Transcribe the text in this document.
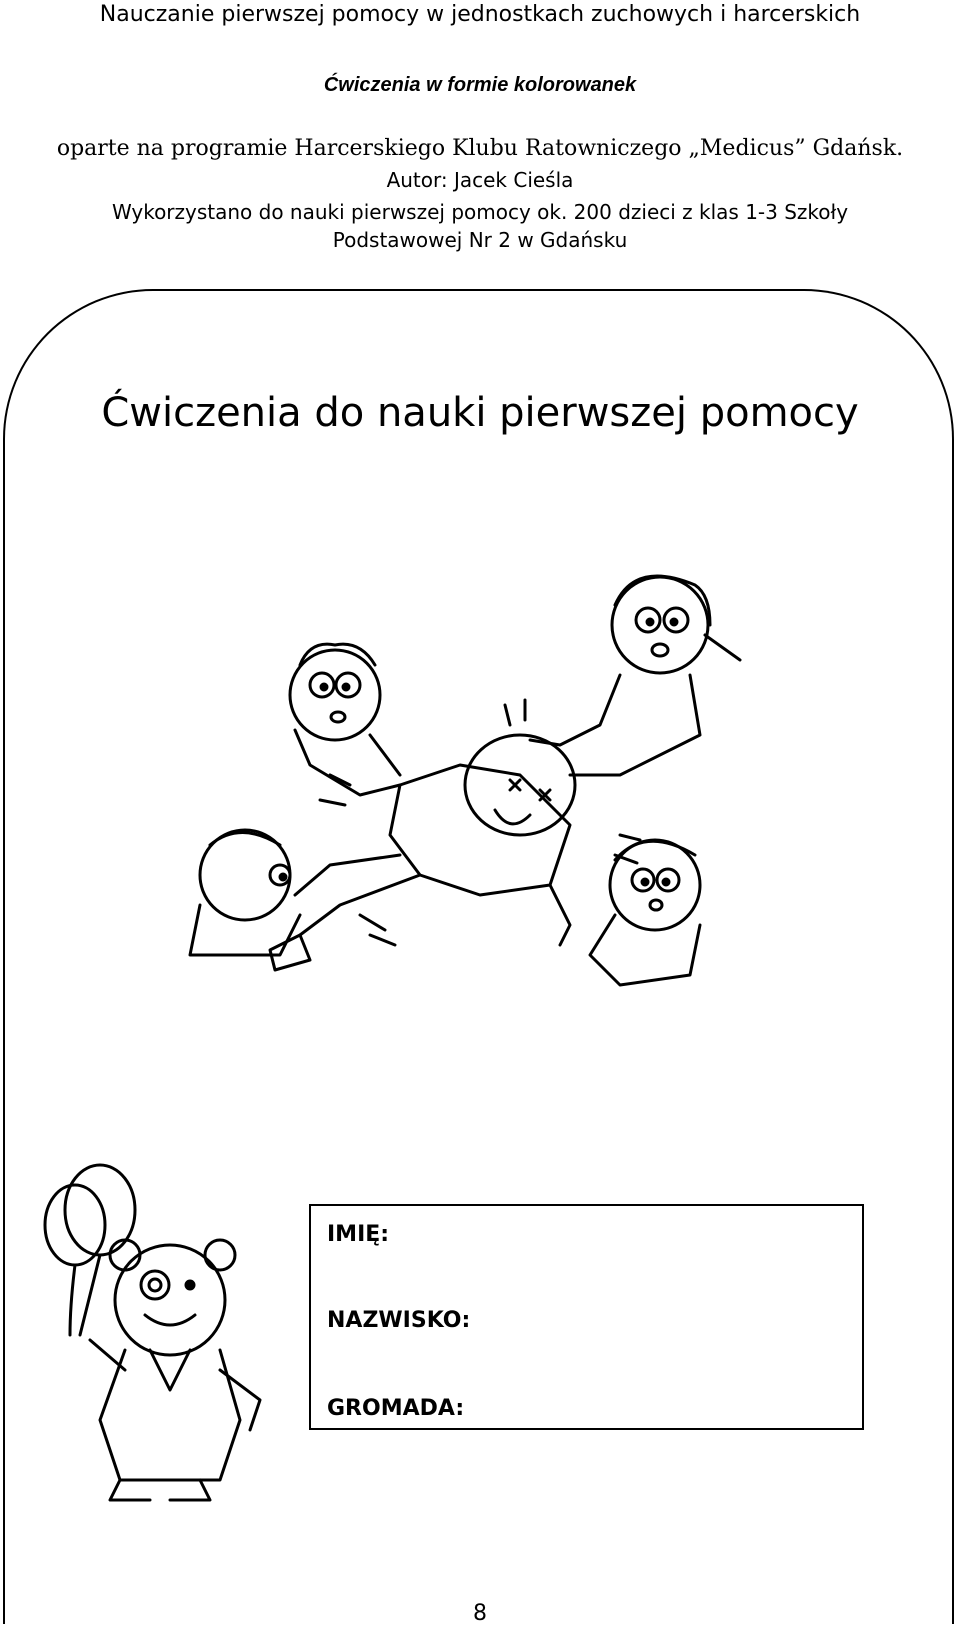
Nauczanie pierwszej pomocy w jednostkach zuchowych i harcerskich
Ćwiczenia w formie kolorowanek
oparte na programie Harcerskiego Klubu Ratowniczego „Medicus” Gdańsk.
Autor: Jacek Cieśla
Wykorzystano do nauki pierwszej pomocy ok. 200 dzieci z klas 1-3 Szkoły
Podstawowej Nr 2 w Gdańsku
Ćwiczenia do nauki pierwszej pomocy
IMIĘ:
NAZWISKO:
GROMADA:
8
